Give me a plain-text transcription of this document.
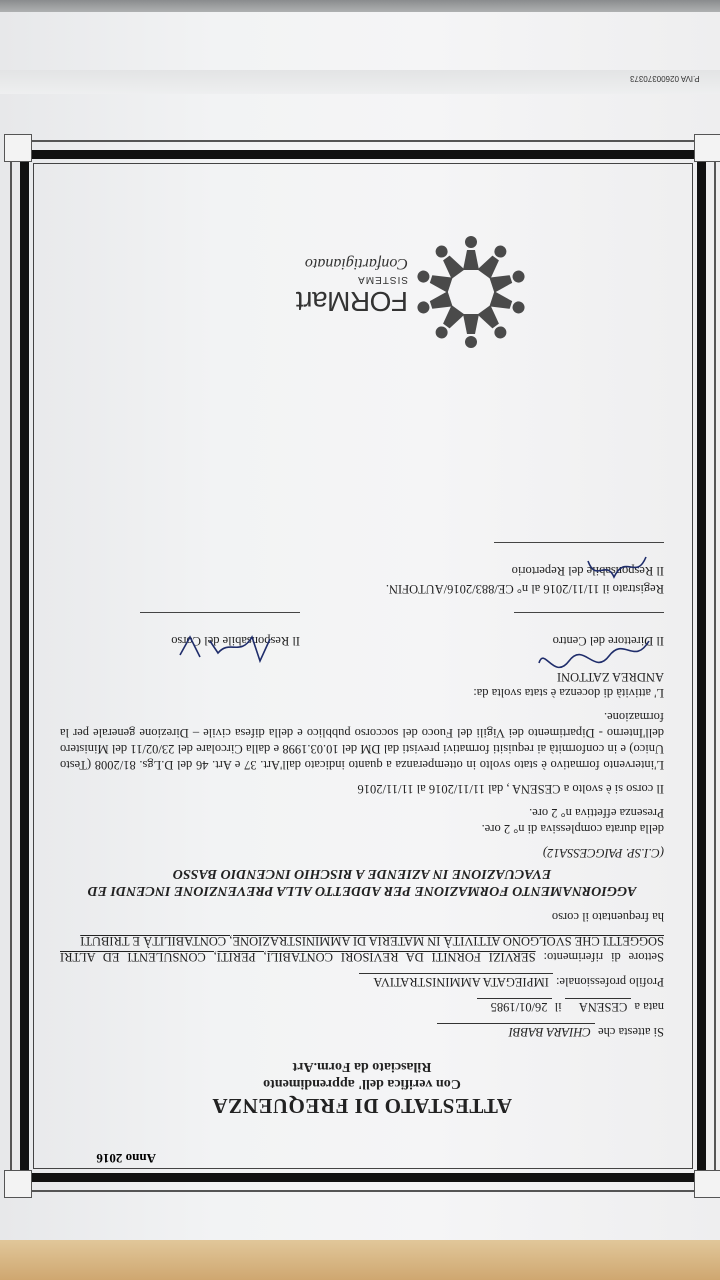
P.IVA 02600370373
Anno 2016
ATTESTATO DI FREQUENZA
Con verifica dell' apprendimento
Rilasciato da Form.Art
Si attesta che CHIARA BABBI
nata a CESENA il 26/01/1985
Profilo professionale: IMPIEGATA AMMINISTRATIVA
Settore di riferimento: SERVIZI FORNITI DA REVISORI CONTABILI, PERITI, CONSULENTI ED ALTRI SOGGETTI CHE SVOLGONO ATTIVITÀ IN MATERIA DI AMMINISTRAZIONE, CONTABILITÀ E TRIBUTI
ha frequentato il corso
AGGIORNAMENTO FORMAZIONE PER ADDETTO ALLA PREVENZIONE INCENDI ED EVACUAZIONE IN AZIENDE A RISCHIO INCENDIO BASSO
(C.I.SP. PAIGCESSA12)
della durata complessiva di n° 2 ore.
Presenza effettiva n° 2 ore.
Il corso si è svolto a CESENA , dal 11/11/2016 al 11/11/2016
L'intervento formativo è stato svolto in ottemperanza a quanto indicato dall'Art. 37 e Art. 46 del D.Lgs. 81/2008 (Testo Unico) e in conformità ai requisiti formativi previsti dal DM del 10.03.1998 e dalla Circolare del 23/02/11 del Ministero dell'Interno - Dipartimento dei Vigili del Fuoco del soccorso pubblico e della difesa civile – Direzione generale per la formazione.
L' attività di docenza è stata svolta da:
ANDREA ZATTONI
Il Direttore del Centro
Il Responsabile del Corso
Registrato il 11/11/2016 al n° CE/883/2016/AUTOFIN.
Il Responsabile del Repertorio
FORMart
SISTEMA
Confartigianato
